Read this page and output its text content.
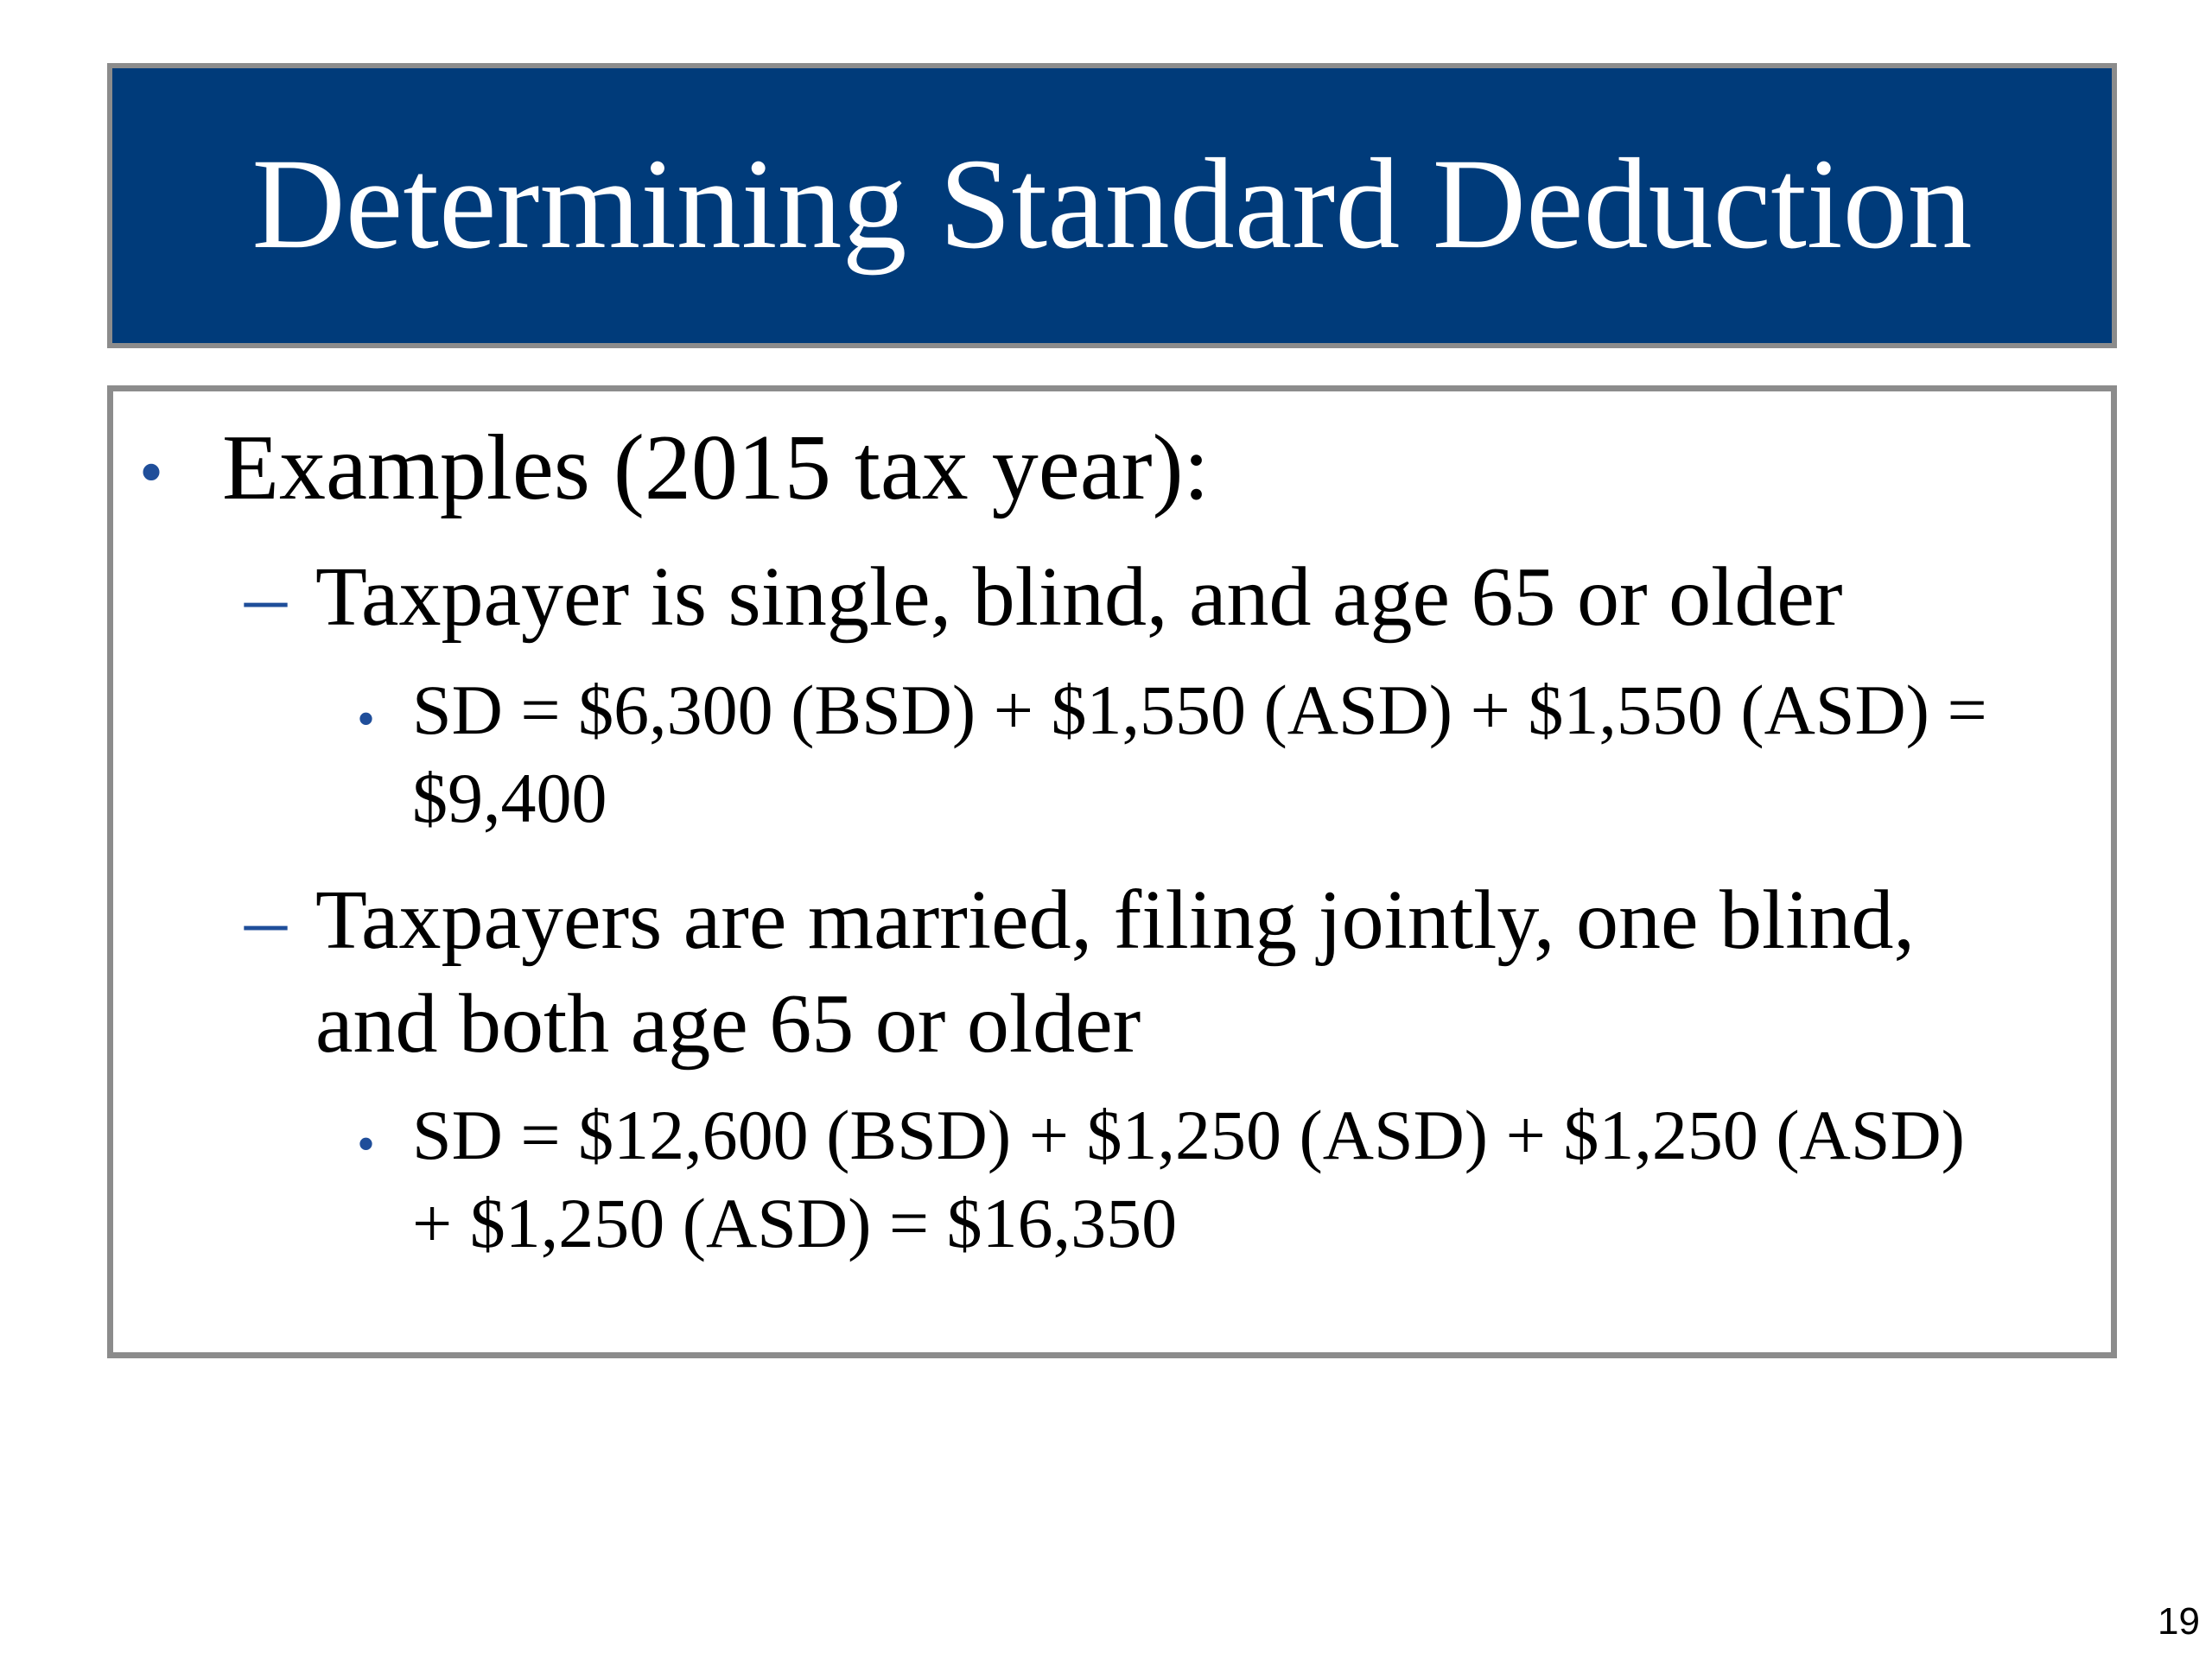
Determining Standard Deduction
• Examples (2015 tax year):
– Taxpayer is single, blind, and age 65 or older
• SD = $6,300 (BSD) + $1,550 (ASD) + $1,550 (ASD) =
$9,400
– Taxpayers are married, filing jointly, one blind,
and both age 65 or older
• SD = $12,600 (BSD) + $1,250 (ASD) + $1,250 (ASD)
+ $1,250 (ASD) = $16,350
19
